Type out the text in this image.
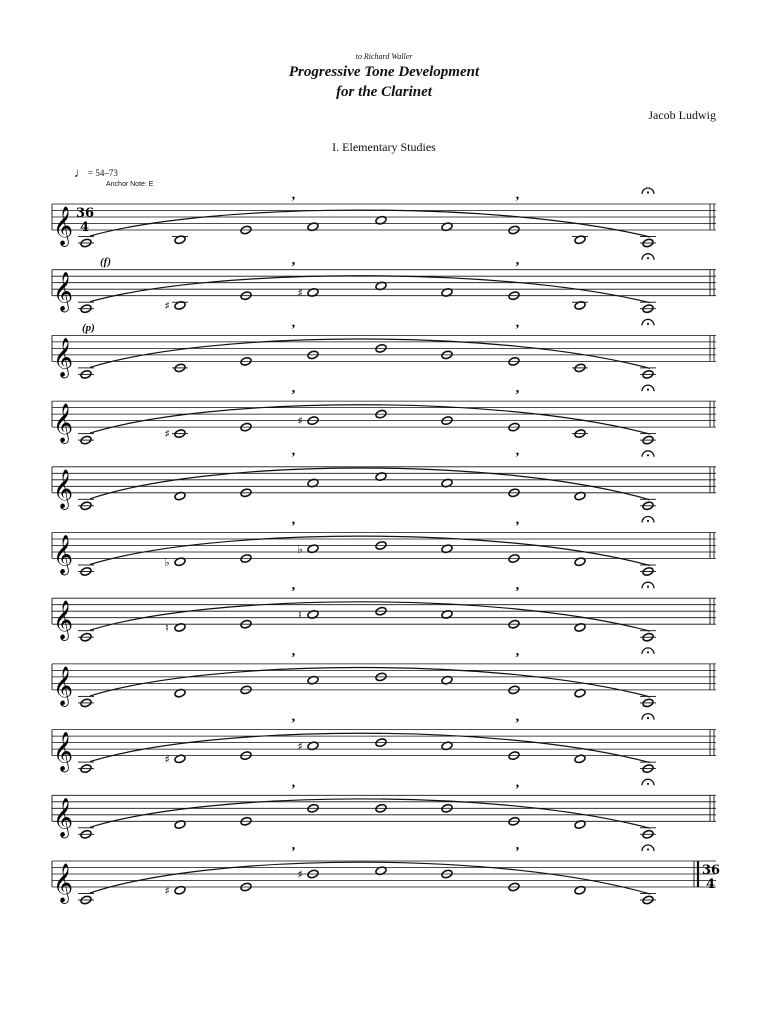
to Richard Waller
Progressive Tone Development
for the Clarinet
Jacob Ludwig
I. Elementary Studies
♩= 54–73
Anchor Note: E
(f)
(p)
𝄞 36
4
’	’
𝄞
’	’
♯
♯
𝄞
’	’
𝄞
’	’
♯
♯
𝄞
’	’
𝄞
’	’
♭
♭
𝄞
’	’
♮
♮
𝄞
’	’
𝄞
’	’
♯
♯
𝄞
’	’
𝄞
’	’
♯
♯	36
4
